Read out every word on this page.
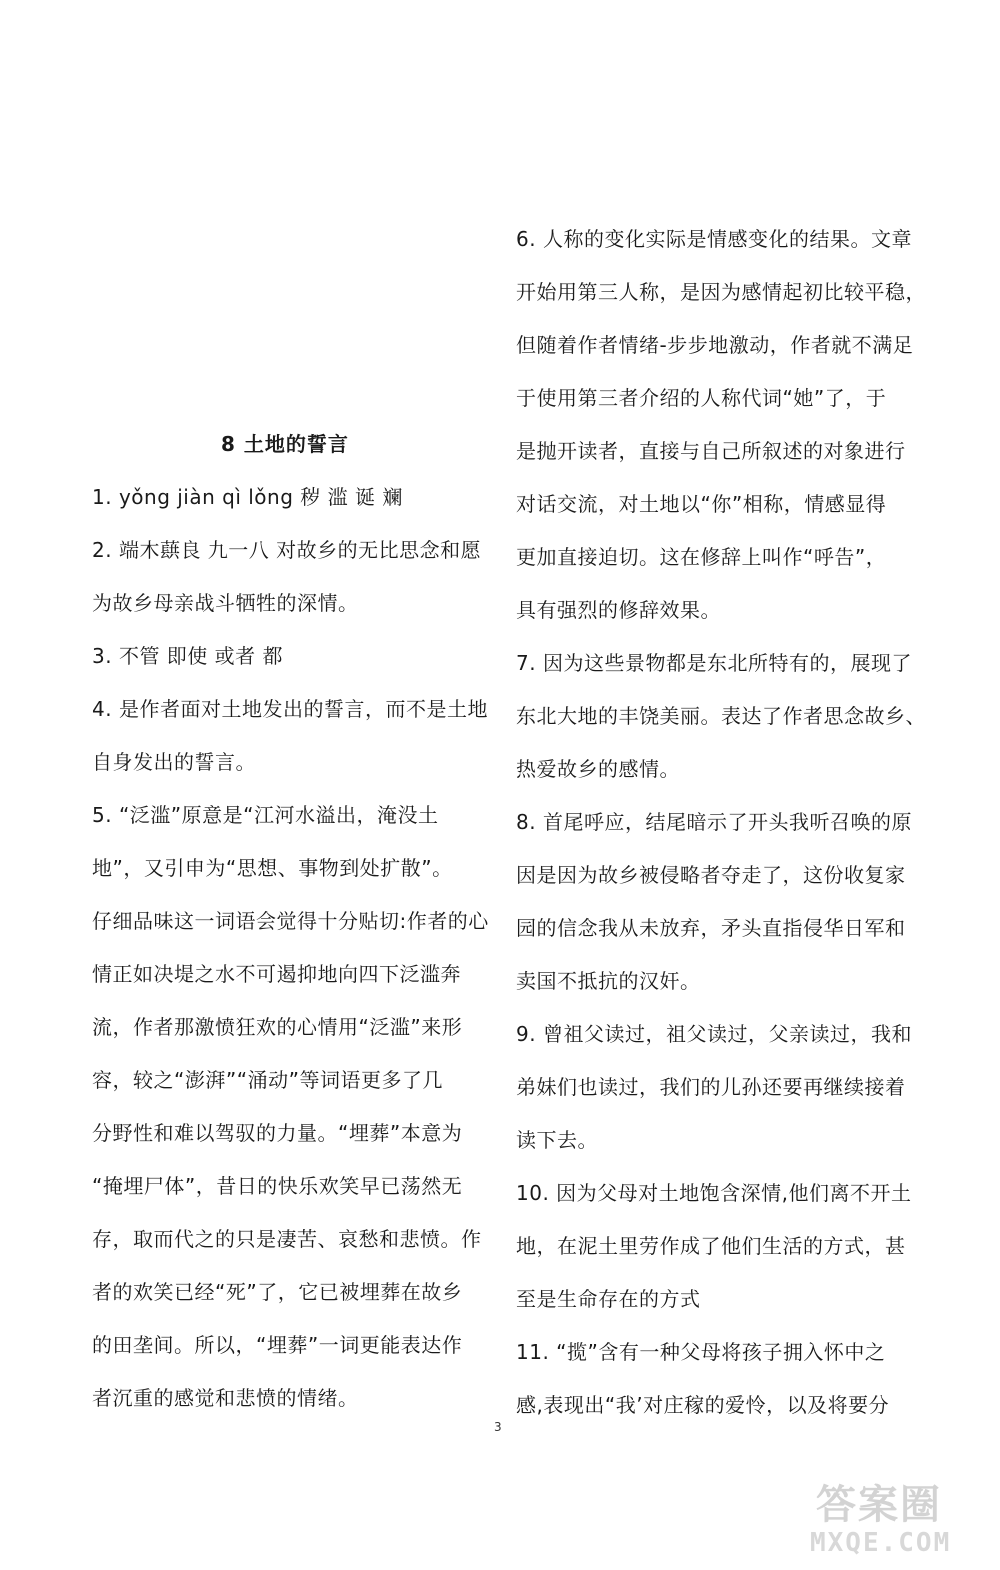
8 土地的誓言
1. yǒng jiàn qì lǒng 秽 滥 诞 斓
2. 端木蕻良 九一八 对故乡的无比思念和愿
为故乡母亲战斗牺牲的深情。
3. 不管 即使 或者 都
4. 是作者面对土地发出的誓言，而不是土地
自身发出的誓言。
5. “泛滥”原意是“江河水溢出，淹没土
地”，又引申为“思想、事物到处扩散”。
仔细品味这一词语会觉得十分贴切:作者的心
情正如决堤之水不可遏抑地向四下泛滥奔
流，作者那激愤狂欢的心情用“泛滥”来形
容，较之“澎湃”“涌动”等词语更多了几
分野性和难以驾驭的力量。“埋葬”本意为
“掩埋尸体”，昔日的快乐欢笑早已荡然无
存，取而代之的只是凄苦、哀愁和悲愤。作
者的欢笑已经“死”了，它已被埋葬在故乡
的田垄间。所以，“埋葬”一词更能表达作
者沉重的感觉和悲愤的情绪。
6. 人称的变化实际是情感变化的结果。文章
开始用第三人称，是因为感情起初比较平稳，
但随着作者情绪-步步地激动，作者就不满足
于使用第三者介绍的人称代词“她”了，于
是抛开读者，直接与自己所叙述的对象进行
对话交流，对土地以“你”相称，情感显得
更加直接迫切。这在修辞上叫作“呼告”，
具有强烈的修辞效果。
7. 因为这些景物都是东北所特有的，展现了
东北大地的丰饶美丽。表达了作者思念故乡、
热爱故乡的感情。
8. 首尾呼应，结尾暗示了开头我听召唤的原
因是因为故乡被侵略者夺走了，这份收复家
园的信念我从未放弃，矛头直指侵华日军和
卖国不抵抗的汉奸。
9. 曾祖父读过，祖父读过，父亲读过，我和
弟妹们也读过，我们的儿孙还要再继续接着
读下去。
10. 因为父母对土地饱含深情,他们离不开土
地，在泥土里劳作成了他们生活的方式，甚
至是生命存在的方式
11. “揽”含有一种父母将孩子拥入怀中之
感,表现出“我’对庄稼的爱怜，以及将要分
3
答案圈
MXQE.COM
